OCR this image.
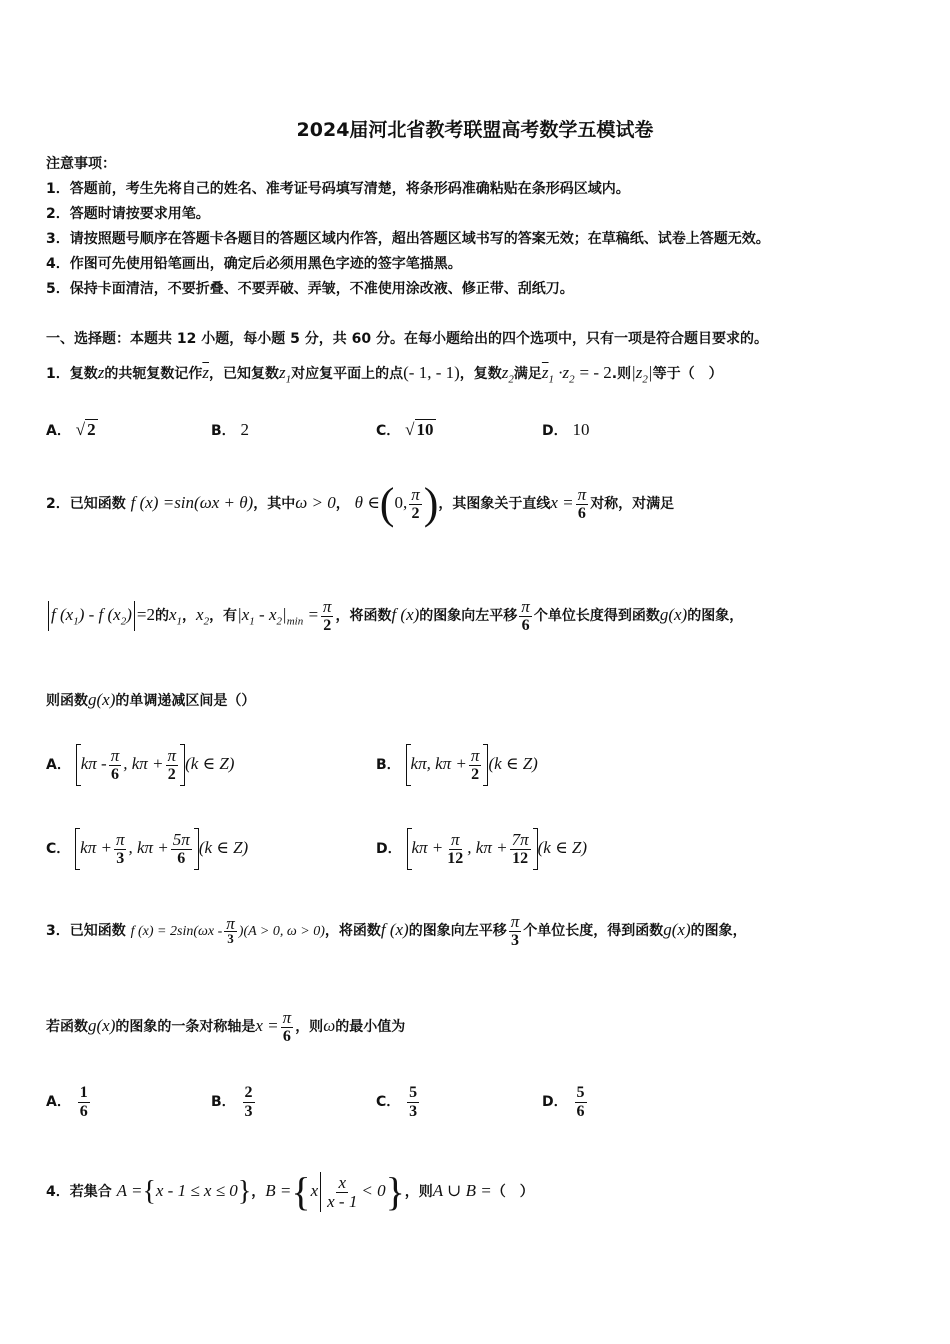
2024届河北省教考联盟高考数学五模试卷
注意事项：
1．答题前，考生先将自己的姓名、准考证号码填写清楚，将条形码准确粘贴在条形码区域内。
2．答题时请按要求用笔。
3．请按照题号顺序在答题卡各题目的答题区域内作答，超出答题区域书写的答案无效；在草稿纸、试卷上答题无效。
4．作图可先使用铅笔画出，确定后必须用黑色字迹的签字笔描黑。
5．保持卡面清洁，不要折叠、不要弄破、弄皱，不准使用涂改液、修正带、刮纸刀。
一、选择题：本题共 12 小题，每小题 5 分，共 60 分。在每小题给出的四个选项中，只有一项是符合题目要求的。
1．复数z的共轭复数记作$\overline{z}$，已知复数$z_1$对应复平面上的点(- 1, - 1)，复数$z_2$满足$\overline{z}_1 \cdot z_2$ = - 2.则$|z_2|$等于（　）
A． √ 2	B． 2	C． √ 10	D． 10
2．已知函数 f (x) =sin(ωx + θ)，其中ω > 0， θ ∈(0, $\frac{\pi}{2}$ )，其图象关于直线$x = \frac{\pi}{6}$ 对称，对满足
f $(x_1)$ - f $(x_2) =2$的$x_1$，$x_2$，有$|x_1 - x_2|_{min} = \frac{\pi}{2}$ ，将函数f (x)的图象向左平移 $\frac{\pi}{6}$ 个单位长度得到函数g(x)的图象，
则函数g(x)的单调递减区间是（）
A． kπ - $\frac{\pi}{6}$ , $k\pi + \frac{\pi}{2} (k$ ∈ Z)	B． kπ, $k\pi + \frac{\pi}{2} (k$ ∈ Z)
C． $k\pi + \frac{\pi}{3}$ , $k\pi + \frac{5\pi}{6} (k$ ∈ Z)	D． $k\pi + \frac{\pi}{12}$ , $k\pi + \frac{7\pi}{12} (k$ ∈ Z)
3．已知函数 f $(x) = 2\sin(\omega x - \frac{\pi}{3} )(A > 0$, ω > 0)，将函数f (x)的图象向左平移 $\frac{\pi}{3}$ 个单位长度，得到函数g(x)的图象，
若函数g(x)的图象的一条对称轴是$x = \frac{\pi}{6}$ ，则ω的最小值为
A． $\frac{1}{6}$	B． $\frac{2}{3}$	C． $\frac{5}{3}$	D． $\frac{5}{6}$
4．若集合 A ={x - 1 ≤ x ≤ 0}，$B =\{x \frac{x}{x - 1} < 0\}$，则A ∪ B =（　）
